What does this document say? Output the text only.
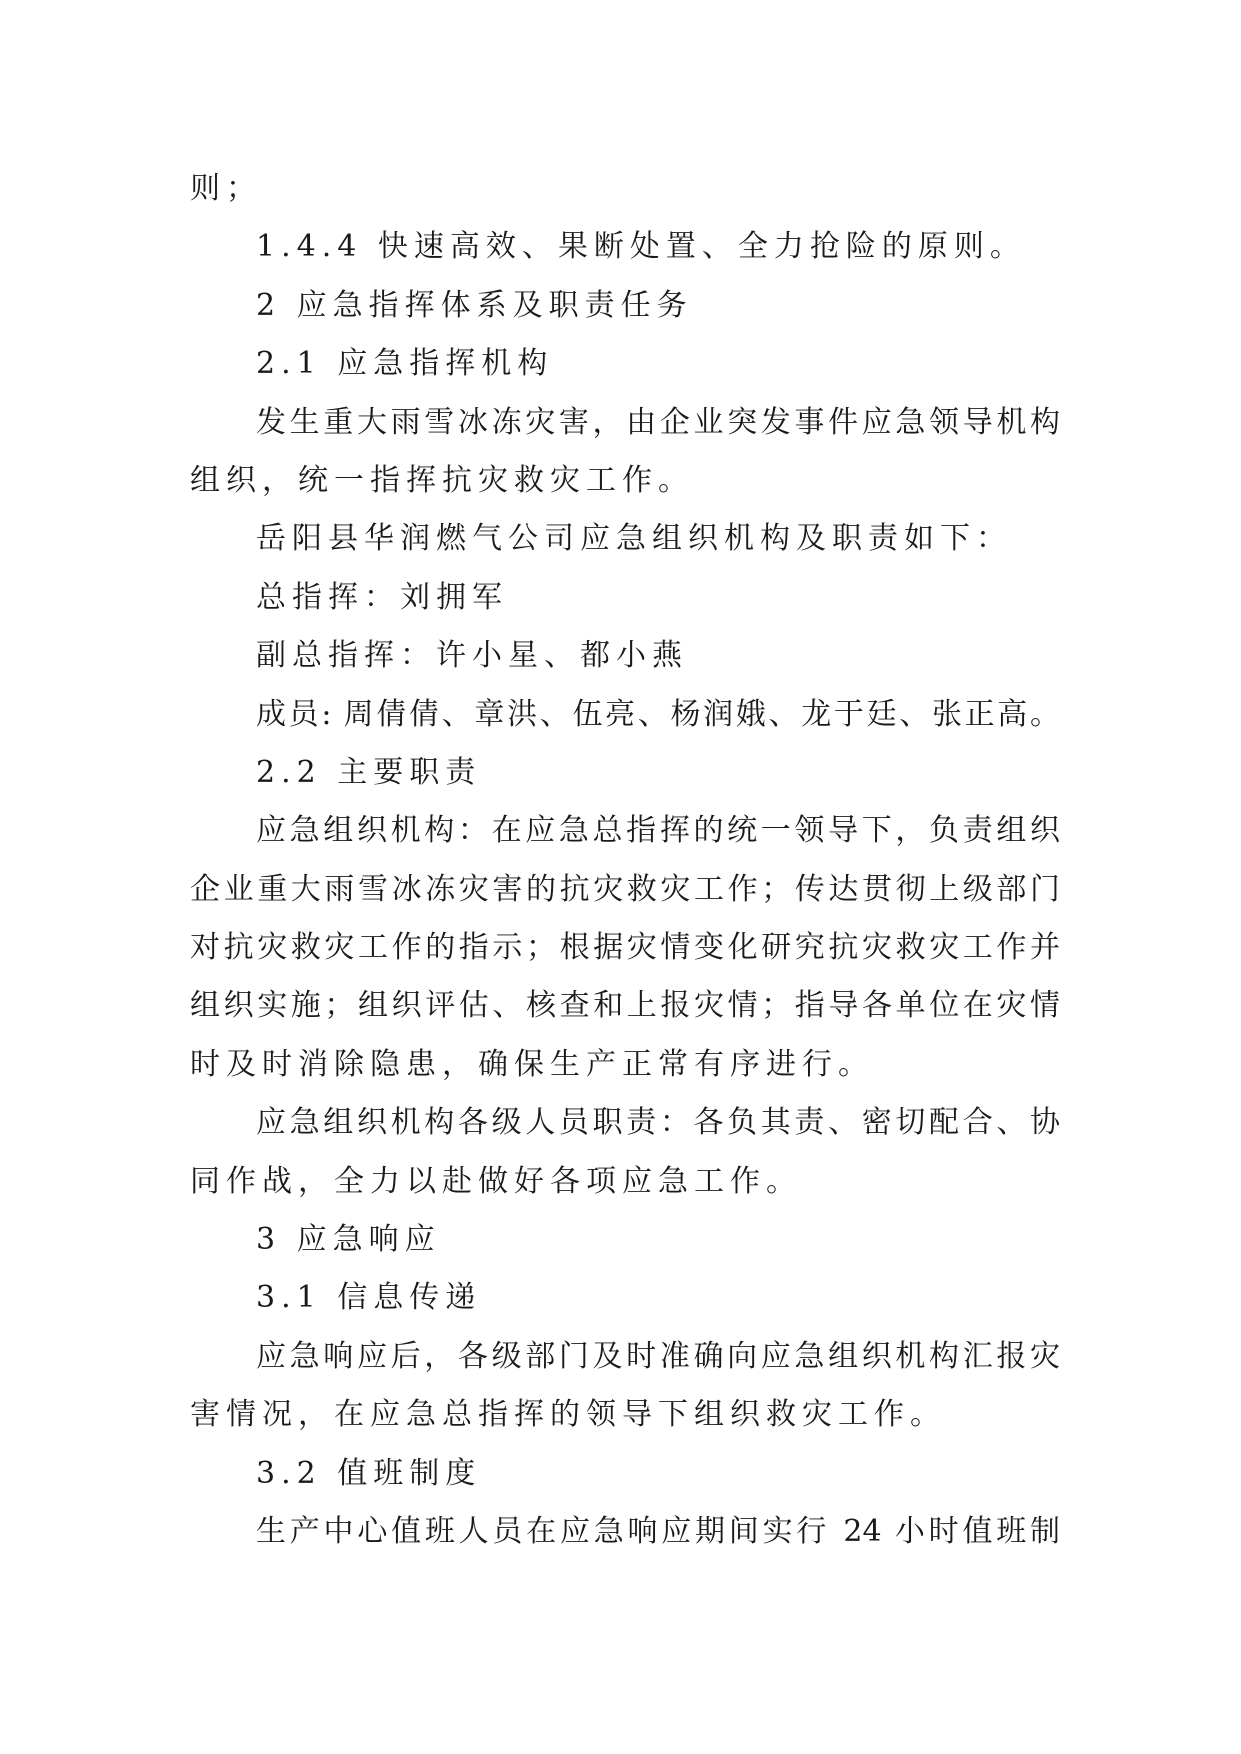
则；
1.4.4 快速高效、果断处置、全力抢险的原则。
2 应急指挥体系及职责任务
2.1 应急指挥机构
发生重大雨雪冰冻灾害，由企业突发事件应急领导机构
组织，统一指挥抗灾救灾工作。
岳阳县华润燃气公司应急组织机构及职责如下：
总指挥：刘拥军
副总指挥：许小星、都小燕
成员: 周倩倩、章洪、伍亮、杨润娥、龙于廷、张正高。
2.2 主要职责
应急组织机构：在应急总指挥的统一领导下，负责组织
企业重大雨雪冰冻灾害的抗灾救灾工作；传达贯彻上级部门
对抗灾救灾工作的指示；根据灾情变化研究抗灾救灾工作并
组织实施；组织评估、核查和上报灾情；指导各单位在灾情
时及时消除隐患，确保生产正常有序进行。
应急组织机构各级人员职责：各负其责、密切配合、协
同作战，全力以赴做好各项应急工作。
3 应急响应
3.1 信息传递
应急响应后，各级部门及时准确向应急组织机构汇报灾
害情况，在应急总指挥的领导下组织救灾工作。
3.2 值班制度
生产中心值班人员在应急响应期间实行 24 小时值班制
